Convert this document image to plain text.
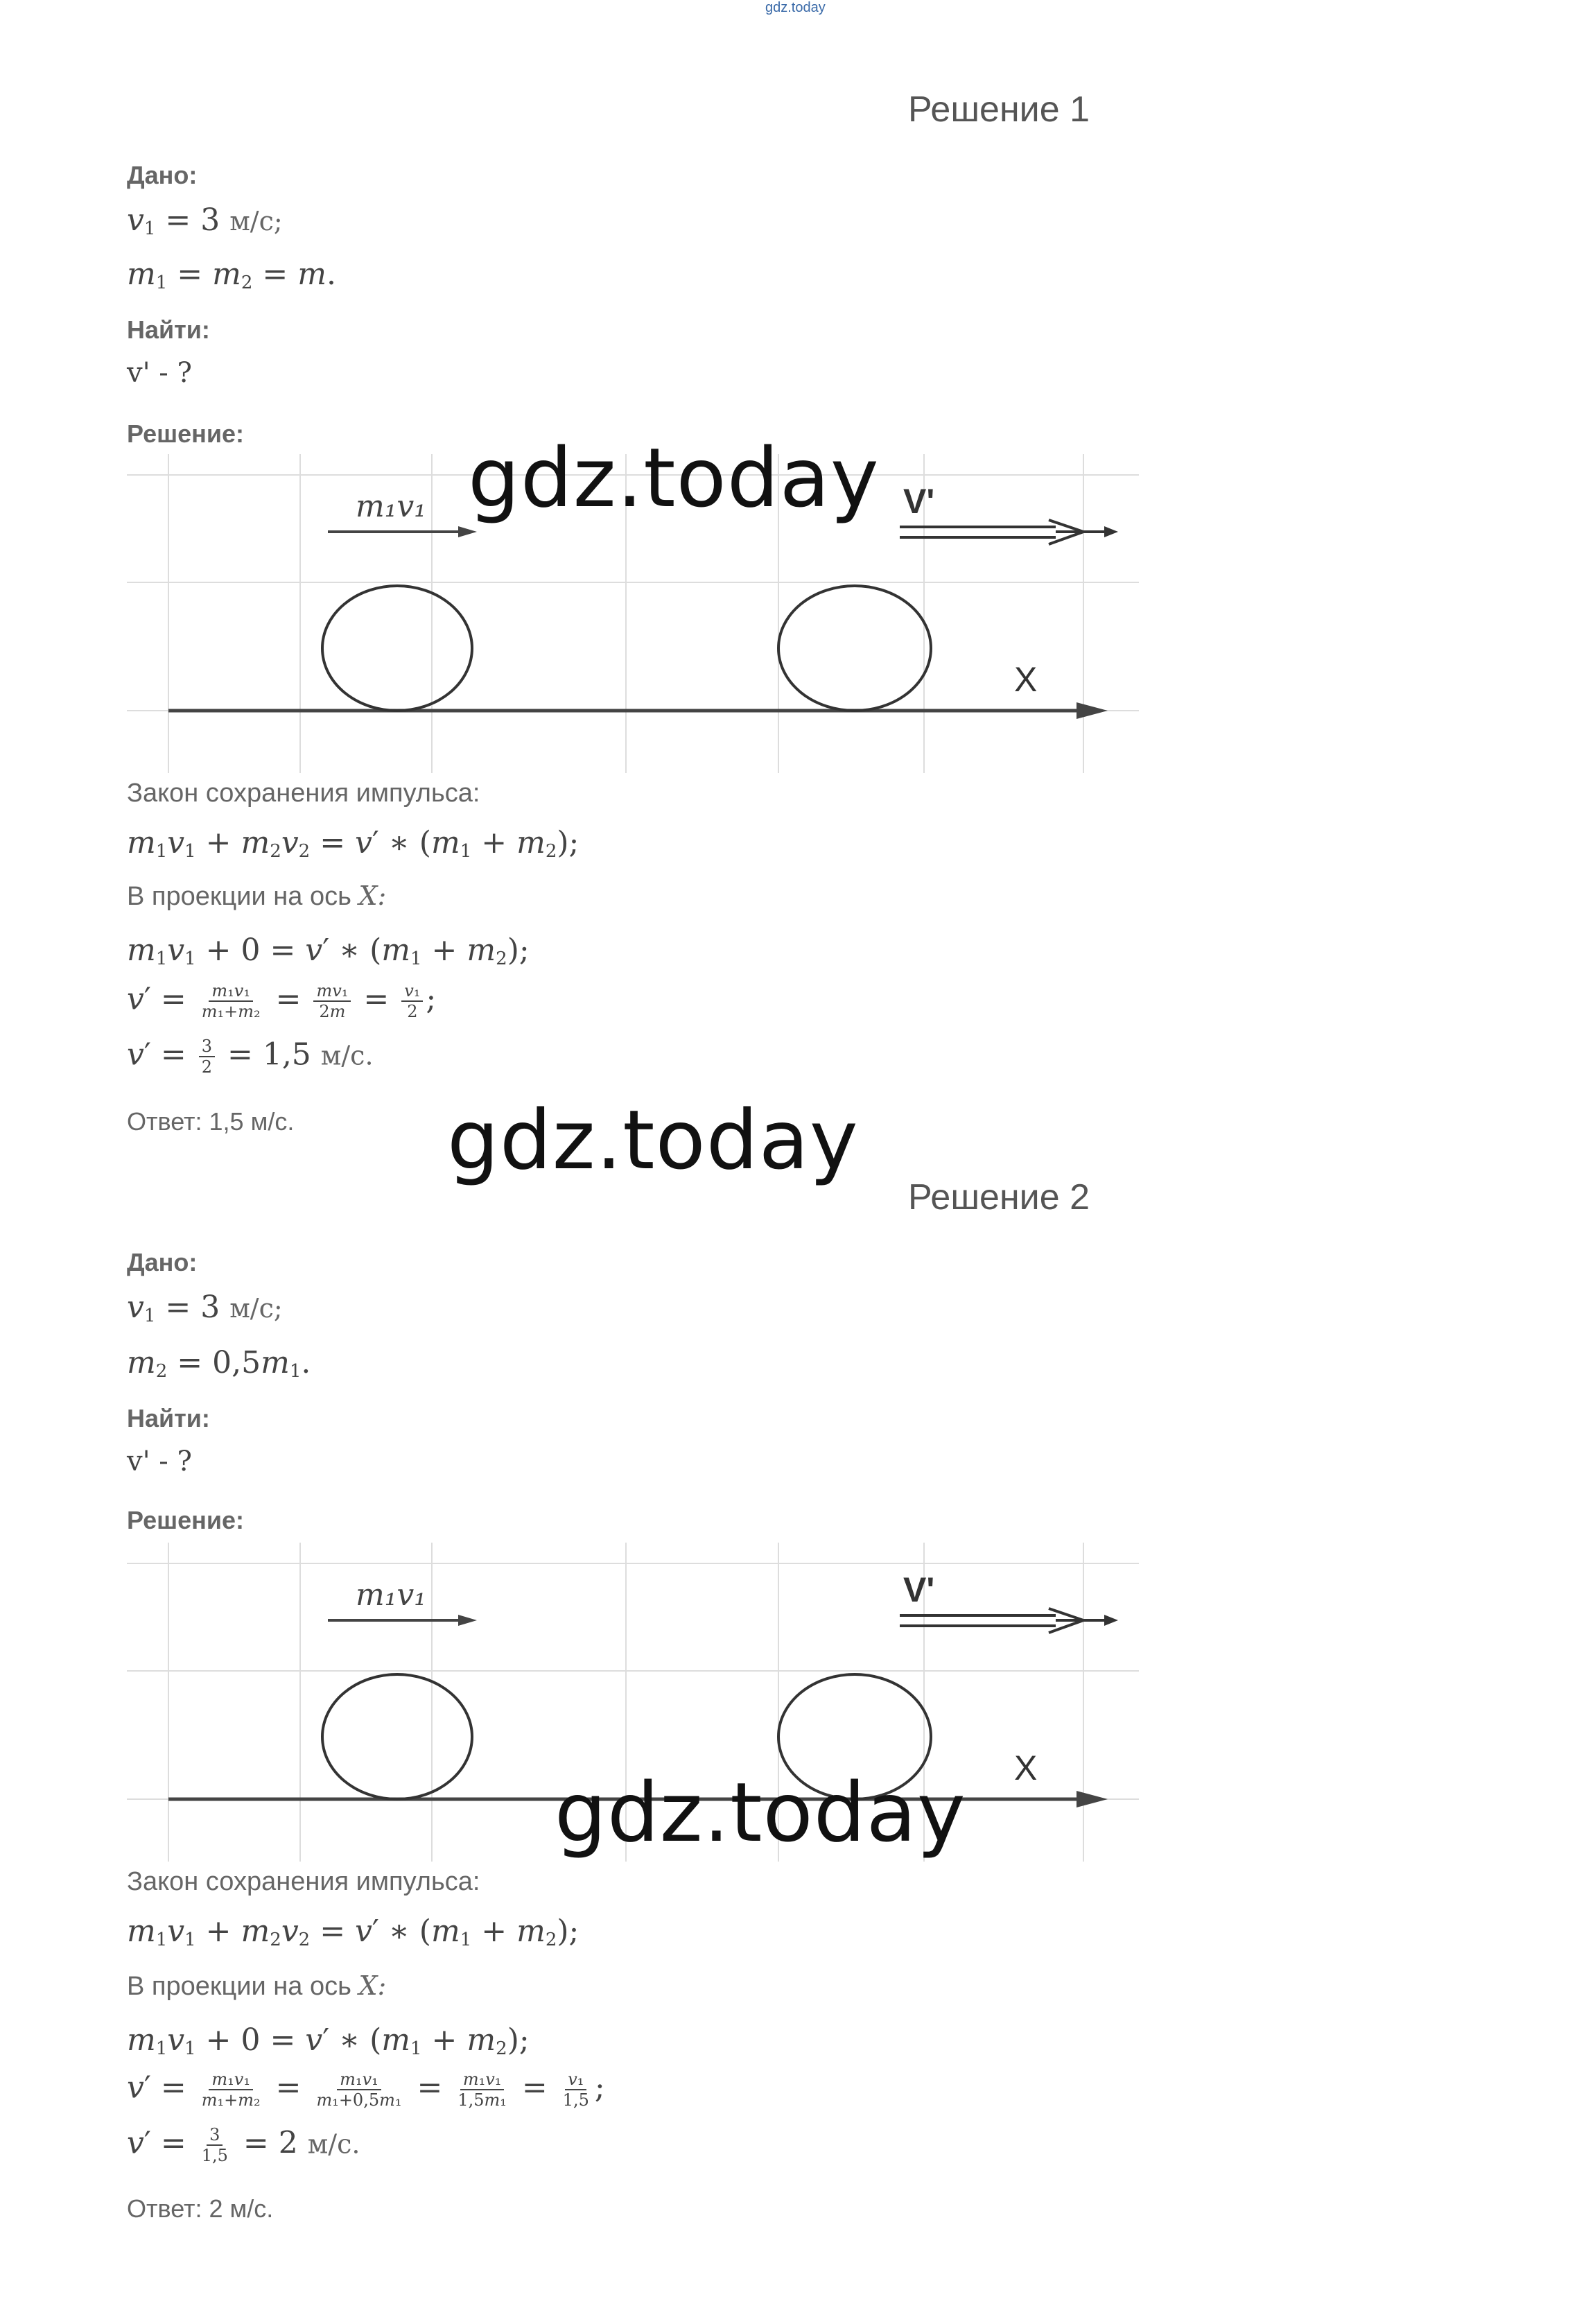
gdz.today
Решение 1
Дано:
$v_1 = 3$ м/с;
$m_1 = m_2 = m$.
Найти:
v' - ?
Решение:
m₁v₁	V'
X
Закон сохранения импульса:
$m_1v_1 + m_2v_2 = v'$ ∗ $(m_1 + m_2)$;
В проекции на ось X:
$m_1v_1 + 0 = v'$ ∗ $(m_1 + m_2)$;
$v' = \frac{\text{m₁v₁}}{\text{m₁+m₂}} = \frac{\text{mv₁}}{2m} = \frac{\text{v₁}}{2}$ ;
$v' = \frac{3}{2} = 1,5$ м/с.
Ответ: 1,5 м/с.
gdz.today
gdz.today
Решение 2
Дано:
$v_1 = 3$ м/с;
$m_2 = 0,5m_1$.
Найти:
v' - ?
Решение:
m₁v₁	V'
X
Закон сохранения импульса:
$m_1v_1 + m_2v_2 = v'$ ∗ $(m_1 + m_2)$;
В проекции на ось X:
$m_1v_1 + 0 = v'$ ∗ $(m_1 + m_2)$;
$v' = \frac{\text{m₁v₁}}{\text{m₁+m₂}} = \frac{\text{m₁v₁}}{\text{m₁+0,5m₁}} = \frac{\text{m₁v₁}}{\text{1,5m₁}} = \frac{\text{v₁}}{1,5}$ ;
$v' = \frac{3}{1,5} = 2$ м/с.
Ответ: 2 м/с.
gdz.today
